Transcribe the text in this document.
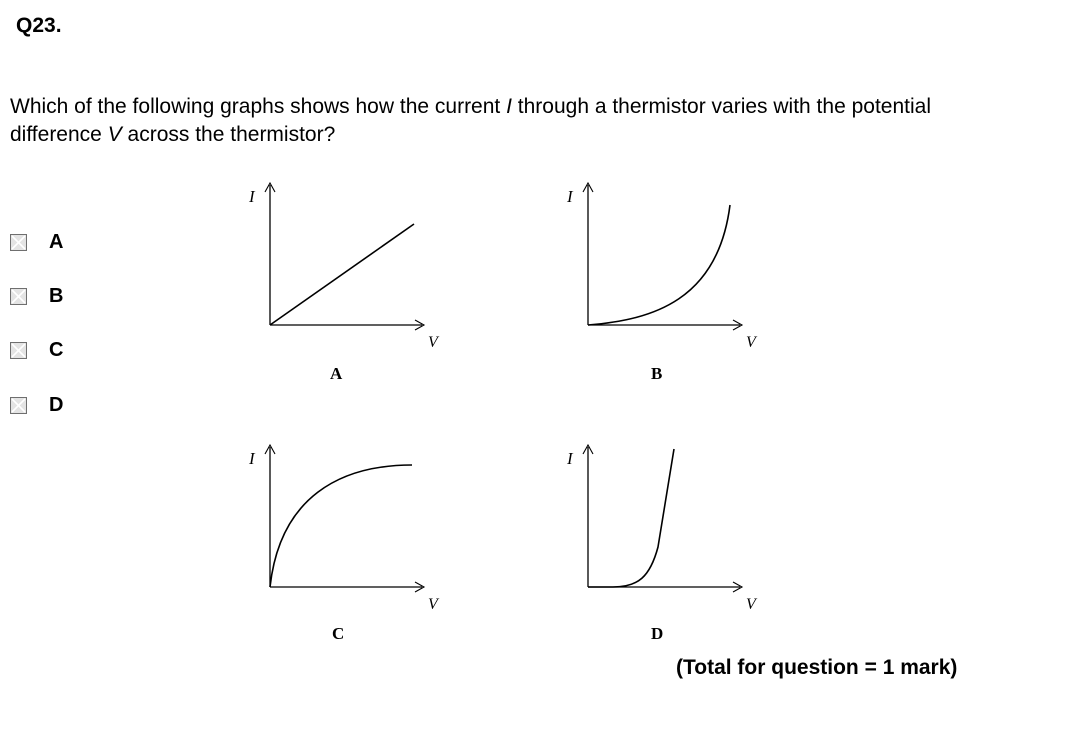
Q23.
Which of the following graphs shows how the current I through a thermistor varies with the potential difference V across the thermistor?
A
B
C
D
I
V
A
I
V
B
I
V
C
I
V
D
(Total for question = 1 mark)
